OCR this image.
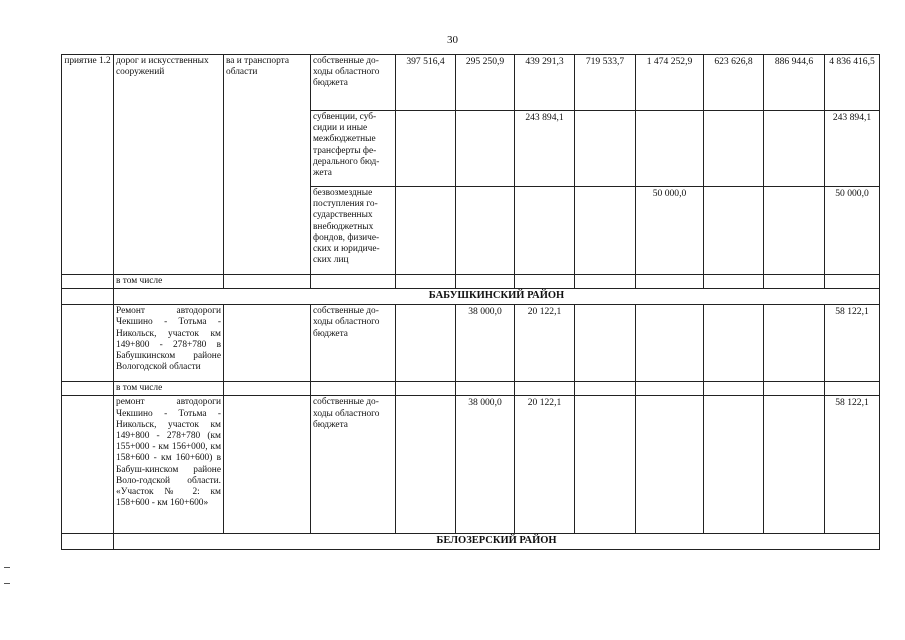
30
приятие 1.2	дорог и искусственных сооружений	ва и транспорта области	собственные до-ходы областного бюджета	397 516,4	295 250,9	439 291,3	719 533,7	1 474 252,9	623 626,8	886 944,6	4 836 416,5
			субвенции, суб-сидии и иные межбюджетные трансферты фе-дерального бюд-жета			243 894,1					243 894,1
			безвозмездные поступления го-сударственных внебюджетных фондов, физиче-ских и юридиче-ских лиц					50 000,0			50 000,0
	в том числе										
	БАБУШКИНСКИЙ РАЙОН										
	Ремонт автодороги Чекшино - Тотьма - Никольск, участок км 149+800 - 278+780 в Бабушкинском районе Вологодской области		собственные до-ходы областного бюджета		38 000,0	20 122,1					58 122,1
	в том числе										
	ремонт автодороги Чекшино - Тотьма - Никольск, участок км 149+800 - 278+780 (км 155+000 - км 156+000, км 158+600 - км 160+600) в Бабуш-кинском районе Воло-годской области. «Участок № 2: км 158+600 - км 160+600»		собственные до-ходы областного бюджета		38 000,0	20 122,1					58 122,1
	БЕЛОЗЕРСКИЙ РАЙОН										
